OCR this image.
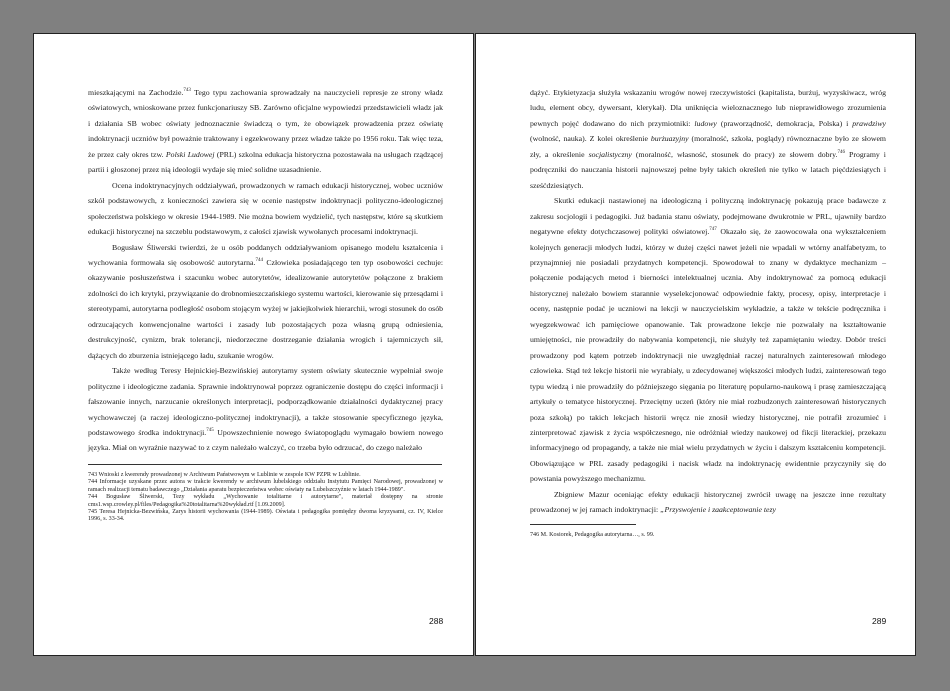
mieszkającymi na Zachodzie.$^{743}$ Tego typu zachowania sprowadzały na nauczycieli represje ze strony władz oświatowych, wnioskowane przez funkcjonariuszy SB. Zarówno oficjalne wypowiedzi przedstawicieli władz jak i działania SB wobec oświaty jednoznacznie świadczą o tym, że obowiązek prowadzenia przez oświatę indoktrynacji uczniów był poważnie traktowany i egzekwowany przez władze także po 1956 roku. Tak więc teza, że przez cały okres tzw. Polski Ludowej (PRL) szkolna edukacja historyczna pozostawała na usługach rządzącej partii i głoszonej przez nią ideologii wydaje się mieć solidne uzasadnienie.

Ocena indoktrynacyjnych oddziaływań, prowadzonych w ramach edukacji historycznej, wobec uczniów szkół podstawowych, z konieczności zawiera się w ocenie następstw indoktrynacji polityczno-ideologicznej społeczeństwa polskiego w okresie 1944-1989. Nie można bowiem wydzielić, tych następstw, które są skutkiem edukacji historycznej na szczeblu podstawowym, z całości zjawisk wywołanych procesami indoktrynacji.

Bogusław Śliwerski twierdzi, że u osób poddanych oddziaływaniom opisanego modelu kształcenia i wychowania formowała się osobowość autorytarna.$^{744}$ Człowieka posiadającego ten typ osobowości cechuje: okazywanie posłuszeństwa i szacunku wobec autorytetów, idealizowanie autorytetów połączone z brakiem zdolności do ich krytyki, przywiązanie do drobnomieszczańskiego systemu wartości, kierowanie się przesądami i stereotypami, autorytarna podległość osobom stojącym wyżej w jakiejkolwiek hierarchii, wrogi stosunek do osób odrzucających konwencjonalne wartości i zasady lub pozostających poza własną grupą odniesienia, destrukcyjność, cynizm, brak tolerancji, niedorzeczne dostrzeganie działania wrogich i tajemniczych sił, dążących do zburzenia istniejącego ładu, szukanie wrogów.

Także według Teresy Hejnickiej-Bezwińskiej autorytarny system oświaty skutecznie wypełniał swoje polityczne i ideologiczne zadania. Sprawnie indoktrynował poprzez ograniczenie dostępu do części informacji i fałszowanie innych, narzucanie określonych interpretacji, podporządkowanie działalności dydaktycznej pracy wychowawczej (a raczej ideologiczno-politycznej indoktrynacji), a także stosowanie specyficznego języka, podstawowego środka indoktrynacji.$^{745}$ Upowszechnienie nowego światopoglądu wymagało bowiem nowego języka. Miał on wyraźnie nazywać to z czym należało walczyć, co trzeba było odrzucać, do czego należało

743 Wnioski z kwerendy prowadzonej w Archiwum Państwowym w Lublinie w zespole KW PZPR w Lublinie.

744 Informacje uzyskane przez autora w trakcie kwerendy w archiwum lubelskiego oddziału Instytutu Pamięci Narodowej, prowadzonej w ramach realizacji tematu badawczego „Działania aparatu bezpieczeństwa wobec oświaty na Lubelszczyźnie w latach 1944-1989".

744 Bogusław Śliwerski, Tezy wykładu „Wychowanie totalitarne i autorytarne", materiał dostępny na stronie cms1.wsp.crowley.pl/files/Pedagogika%20totalitarna%20wykład.rtf [1.09.2009].

745 Teresa Hejnicka-Bezwińska, Zarys historii wychowania (1944-1989). Oświata i pedagogika pomiędzy dwoma kryzysami, cz. IV, Kielce 1996, s. 33-34.

288

dążyć. Etykietyzacja służyła wskazaniu wrogów nowej rzeczywistości (kapitalista, burżuj, wyzyskiwacz, wróg ludu, element obcy, dywersant, klerykał). Dla uniknięcia wieloznacznego lub nieprawidłowego zrozumienia pewnych pojęć dodawano do nich przymiotniki: ludowy (praworządność, demokracja, Polska) i prawdziwy (wolność, nauka). Z kolei określenie burżuazyjny (moralność, szkoła, poglądy) równoznaczne było ze słowem zły, a określenie socjalistyczny (moralność, własność, stosunek do pracy) ze słowem dobry.$^{746}$ Programy i podręczniki do nauczania historii najnowszej pełne były takich określeń nie tylko w latach pięćdziesiątych i sześćdziesiątych.

Skutki edukacji nastawionej na ideologiczną i polityczną indoktrynację pokazują prace badawcze z zakresu socjologii i pedagogiki. Już badania stanu oświaty, podejmowane dwukrotnie w PRL, ujawniły bardzo negatywne efekty dotychczasowej polityki oświatowej.$^{747}$ Okazało się, że zaowocowała ona wykształceniem kolejnych generacji młodych ludzi, którzy w dużej części nawet jeżeli nie wpadali w wtórny analfabetyzm, to przynajmniej nie posiadali przydatnych kompetencji. Spowodował to znany w dydaktyce mechanizm – połączenie podających metod i bierności intelektualnej ucznia. Aby indoktrynować za pomocą edukacji historycznej należało bowiem starannie wyselekcjonować odpowiednie fakty, procesy, opisy, interpretacje i oceny, następnie podać je uczniowi na lekcji w nauczycielskim wykładzie, a także w tekście podręcznika i wyegzekwować ich pamięciowe opanowanie. Tak prowadzone lekcje nie pozwalały na kształtowanie umiejętności, nie prowadziły do nabywania kompetencji, nie służyły też zapamiętaniu wiedzy. Dobór treści prowadzony pod kątem potrzeb indoktrynacji nie uwzględniał raczej naturalnych zainteresowań młodego człowieka. Stąd też lekcje historii nie wyrabiały, u zdecydowanej większości młodych ludzi, zainteresowań tego typu wiedzą i nie prowadziły do późniejszego sięgania po literaturę popularno-naukową i prasę zamieszczającą artykuły o tematyce historycznej. Przeciętny uczeń (który nie miał rozbudzonych zainteresowań historycznych poza szkołą) po takich lekcjach historii wręcz nie znosił wiedzy historycznej, nie potrafił zrozumieć i zinterpretować zjawisk z życia współczesnego, nie odróżniał wiedzy naukowej od fikcji literackiej, przekazu informacyjnego od propagandy, a także nie miał wielu przydatnych w życiu i dalszym kształceniu kompetencji. Obowiązujące w PRL zasady pedagogiki i nacisk władz na indoktrynację ewidentnie przyczyniły się do powstania powyższego mechanizmu.

Zbigniew Mazur oceniając efekty edukacji historycznej zwrócił uwagę na jeszcze inne rezultaty prowadzonej w jej ramach indoktrynacji: „Przyswojenie i zaakceptowanie tezy

746 M. Kosiorek, Pedagogika autorytarna…, s. 99.

289
